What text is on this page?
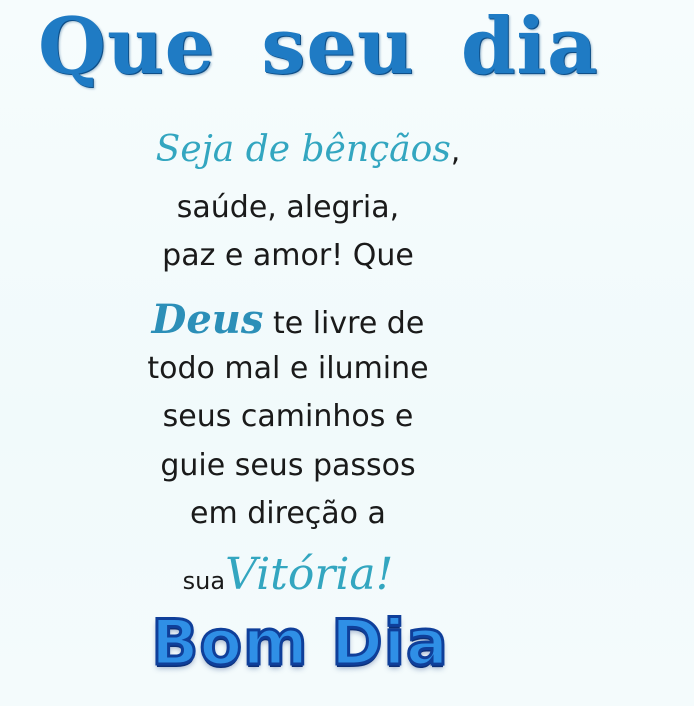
Que seu dia
Seja de bênçãos,
saúde, alegria,
paz e amor! Que
Deus te livre de
todo mal e ilumine
seus caminhos e
guie seus passos
em direção a
suaVitória!
Bom Dia
